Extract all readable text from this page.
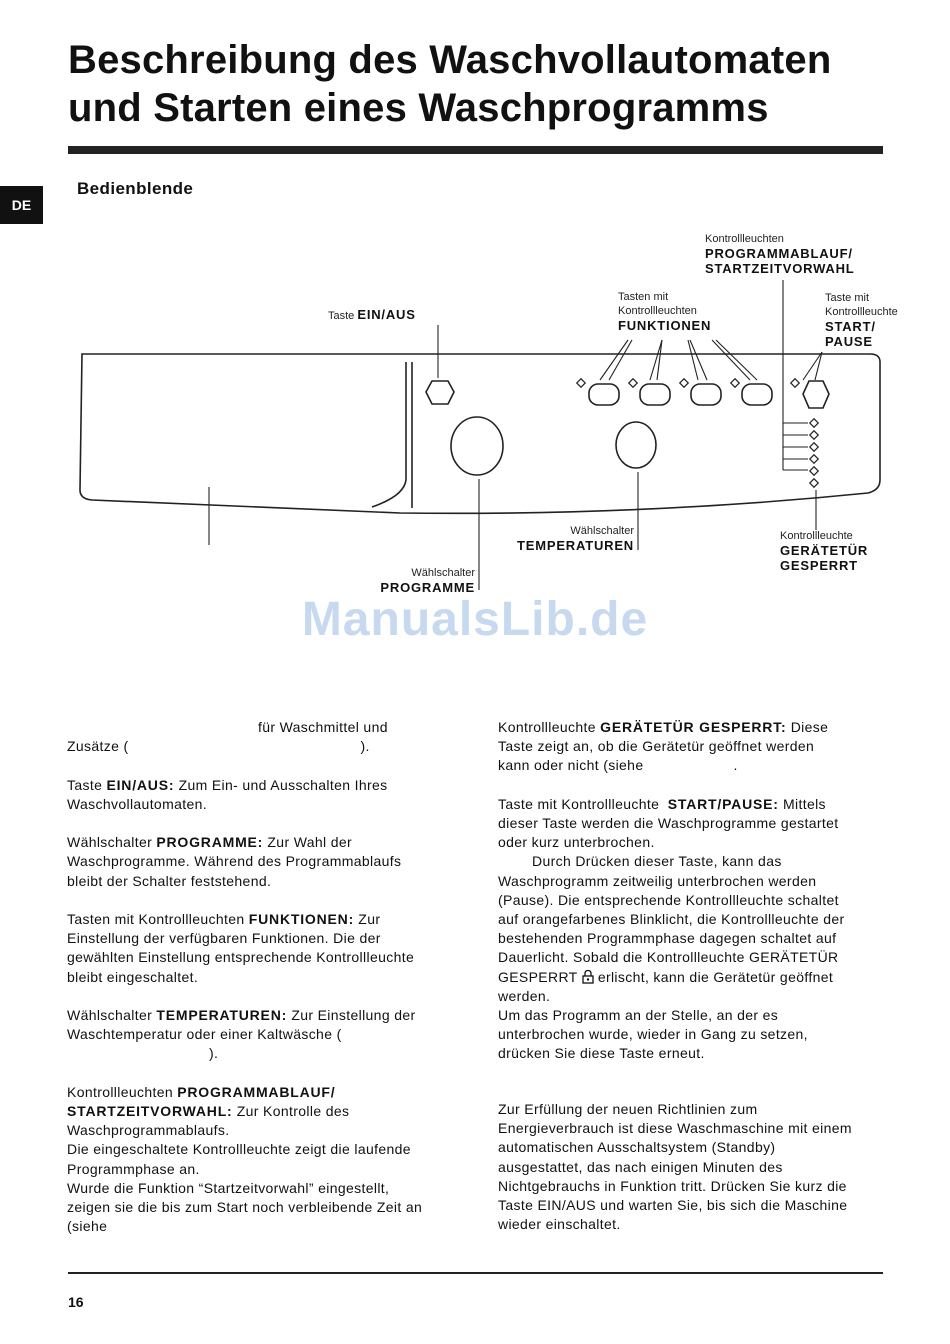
Beschreibung des Waschvollautomaten
und Starten eines Waschprogramms
DE
Bedienblende
Taste EIN/AUS
Tasten mit
Kontrollleuchten
FUNKTIONEN
Kontrollleuchten
PROGRAMMABLAUF/
STARTZEITVORWAHL
Taste mit
Kontrollleuchte
START/
PAUSE
Wählschalter
TEMPERATUREN
Wählschalter
PROGRAMME
Kontrollleuchte
GERÄTETÜR
GESPERRT
ManualsLib.de

für Waschmittel und
Zusätze (	).

Taste EIN/AUS: Zum Ein- und Ausschalten Ihres
Waschvollautomaten.

Wählschalter PROGRAMME: Zur Wahl der
Waschprogramme. Während des Programmablaufs
bleibt der Schalter feststehend.

Tasten mit Kontrollleuchten FUNKTIONEN: Zur
Einstellung der verfügbaren Funktionen. Die der
gewählten Einstellung entsprechende Kontrollleuchte
bleibt eingeschaltet.

Wählschalter TEMPERATUREN: Zur Einstellung der
Waschtemperatur oder einer Kaltwäsche (
).

Kontrollleuchten PROGRAMMABLAUF/
STARTZEITVORWAHL: Zur Kontrolle des
Waschprogrammablaufs.
Die eingeschaltete Kontrollleuchte zeigt die laufende
Programmphase an.
Wurde die Funktion “Startzeitvorwahl” eingestellt,
zeigen sie die bis zum Start noch verbleibende Zeit an
(siehe

Kontrollleuchte GERÄTETÜR GESPERRT: Diese
Taste zeigt an, ob die Gerätetür geöffnet werden
kann oder nicht (siehe	.

Taste mit Kontrollleuchte START/PAUSE: Mittels
dieser Taste werden die Waschprogramme gestartet
oder kurz unterbrochen.
Durch Drücken dieser Taste, kann das
Waschprogramm zeitweilig unterbrochen werden
(Pause). Die entsprechende Kontrollleuchte schaltet
auf orangefarbenes Blinklicht, die Kontrollleuchte der
bestehenden Programmphase dagegen schaltet auf
Dauerlicht. Sobald die Kontrollleuchte GERÄTETÜR
GESPERRT erlischt, kann die Gerätetür geöffnet
werden.
Um das Programm an der Stelle, an der es
unterbrochen wurde, wieder in Gang zu setzen,
drücken Sie diese Taste erneut.

Zur Erfüllung der neuen Richtlinien zum
Energieverbrauch ist diese Waschmaschine mit einem
automatischen Ausschaltsystem (Standby)
ausgestattet, das nach einigen Minuten des
Nichtgebrauchs in Funktion tritt. Drücken Sie kurz die
Taste EIN/AUS und warten Sie, bis sich die Maschine
wieder einschaltet.
16
